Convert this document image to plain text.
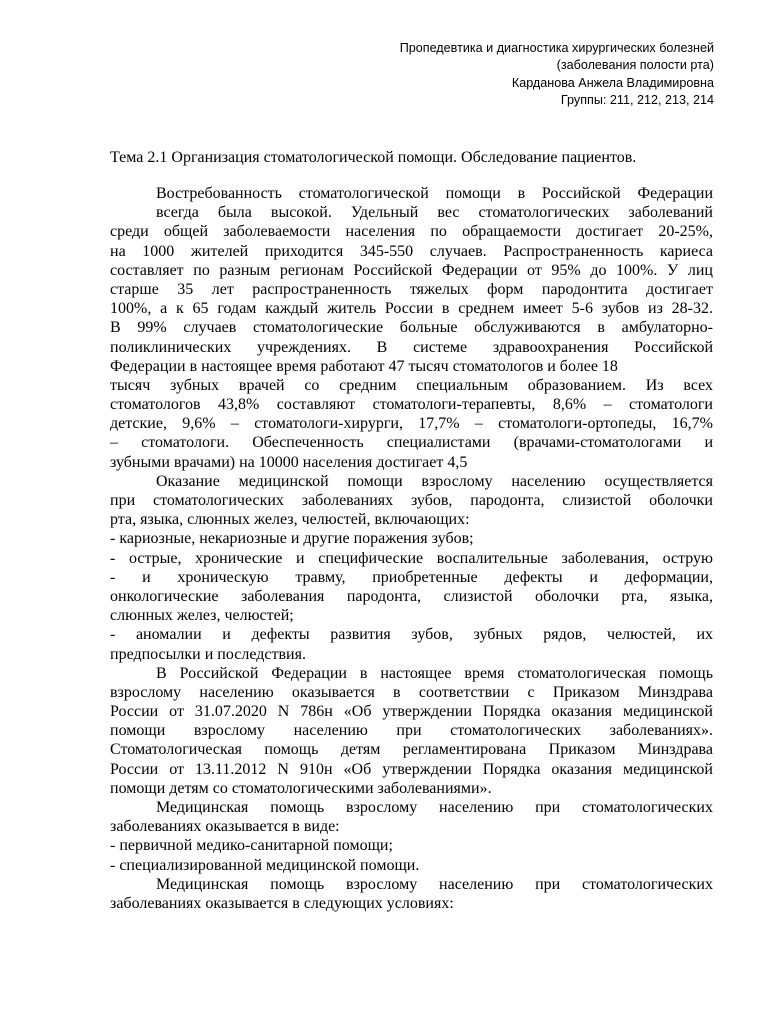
Пропедевтика и диагностика хирургических болезней
(заболевания полости рта)
Карданова Анжела Владимировна
Группы: 211, 212, 213, 214
Тема 2.1 Организация стоматологической помощи. Обследование пациентов.
Востребованность стоматологической помощи в Российской Федерации
всегда была высокой. Удельный вес стоматологических заболеваний
среди общей заболеваемости населения по обращаемости достигает 20-25%,
на 1000 жителей приходится 345-550 случаев. Распространенность кариеса
составляет по разным регионам Российской Федерации от 95% до 100%. У лиц
старше 35 лет распространенность тяжелых форм пародонтита достигает
100%, а к 65 годам каждый житель России в среднем имеет 5-6 зубов из 28-32.
В 99% случаев стоматологические больные обслуживаются в амбулаторно-
поликлинических учреждениях. В системе здравоохранения Российской
Федерации в настоящее время работают 47 тысяч стоматологов и более 18
тысяч зубных врачей со средним специальным образованием. Из всех
стоматологов 43,8% составляют стоматологи-терапевты, 8,6% – стоматологи
детские, 9,6% – стоматологи-хирурги, 17,7% – стоматологи-ортопеды, 16,7%
– стоматологи. Обеспеченность специалистами (врачами-стоматологами и
зубными врачами) на 10000 населения достигает 4,5
Оказание медицинской помощи взрослому населению осуществляется
при стоматологических заболеваниях зубов, пародонта, слизистой оболочки
рта, языка, слюнных желез, челюстей, включающих:
- кариозные, некариозные и другие поражения зубов;
- острые, хронические и специфические воспалительные заболевания, острую
- и хроническую травму, приобретенные дефекты и деформации,
онкологические заболевания пародонта, слизистой оболочки рта, языка,
слюнных желез, челюстей;
- аномалии и дефекты развития зубов, зубных рядов, челюстей, их
предпосылки и последствия.
В Российской Федерации в настоящее время стоматологическая помощь
взрослому населению оказывается в соответствии с Приказом Минздрава
России от 31.07.2020 N 786н «Об утверждении Порядка оказания медицинской
помощи взрослому населению при стоматологических заболеваниях».
Стоматологическая помощь детям регламентирована Приказом Минздрава
России от 13.11.2012 N 910н «Об утверждении Порядка оказания медицинской
помощи детям со стоматологическими заболеваниями».
Медицинская помощь взрослому населению при стоматологических
заболеваниях оказывается в виде:
- первичной медико-санитарной помощи;
- специализированной медицинской помощи.
Медицинская помощь взрослому населению при стоматологических
заболеваниях оказывается в следующих условиях:
